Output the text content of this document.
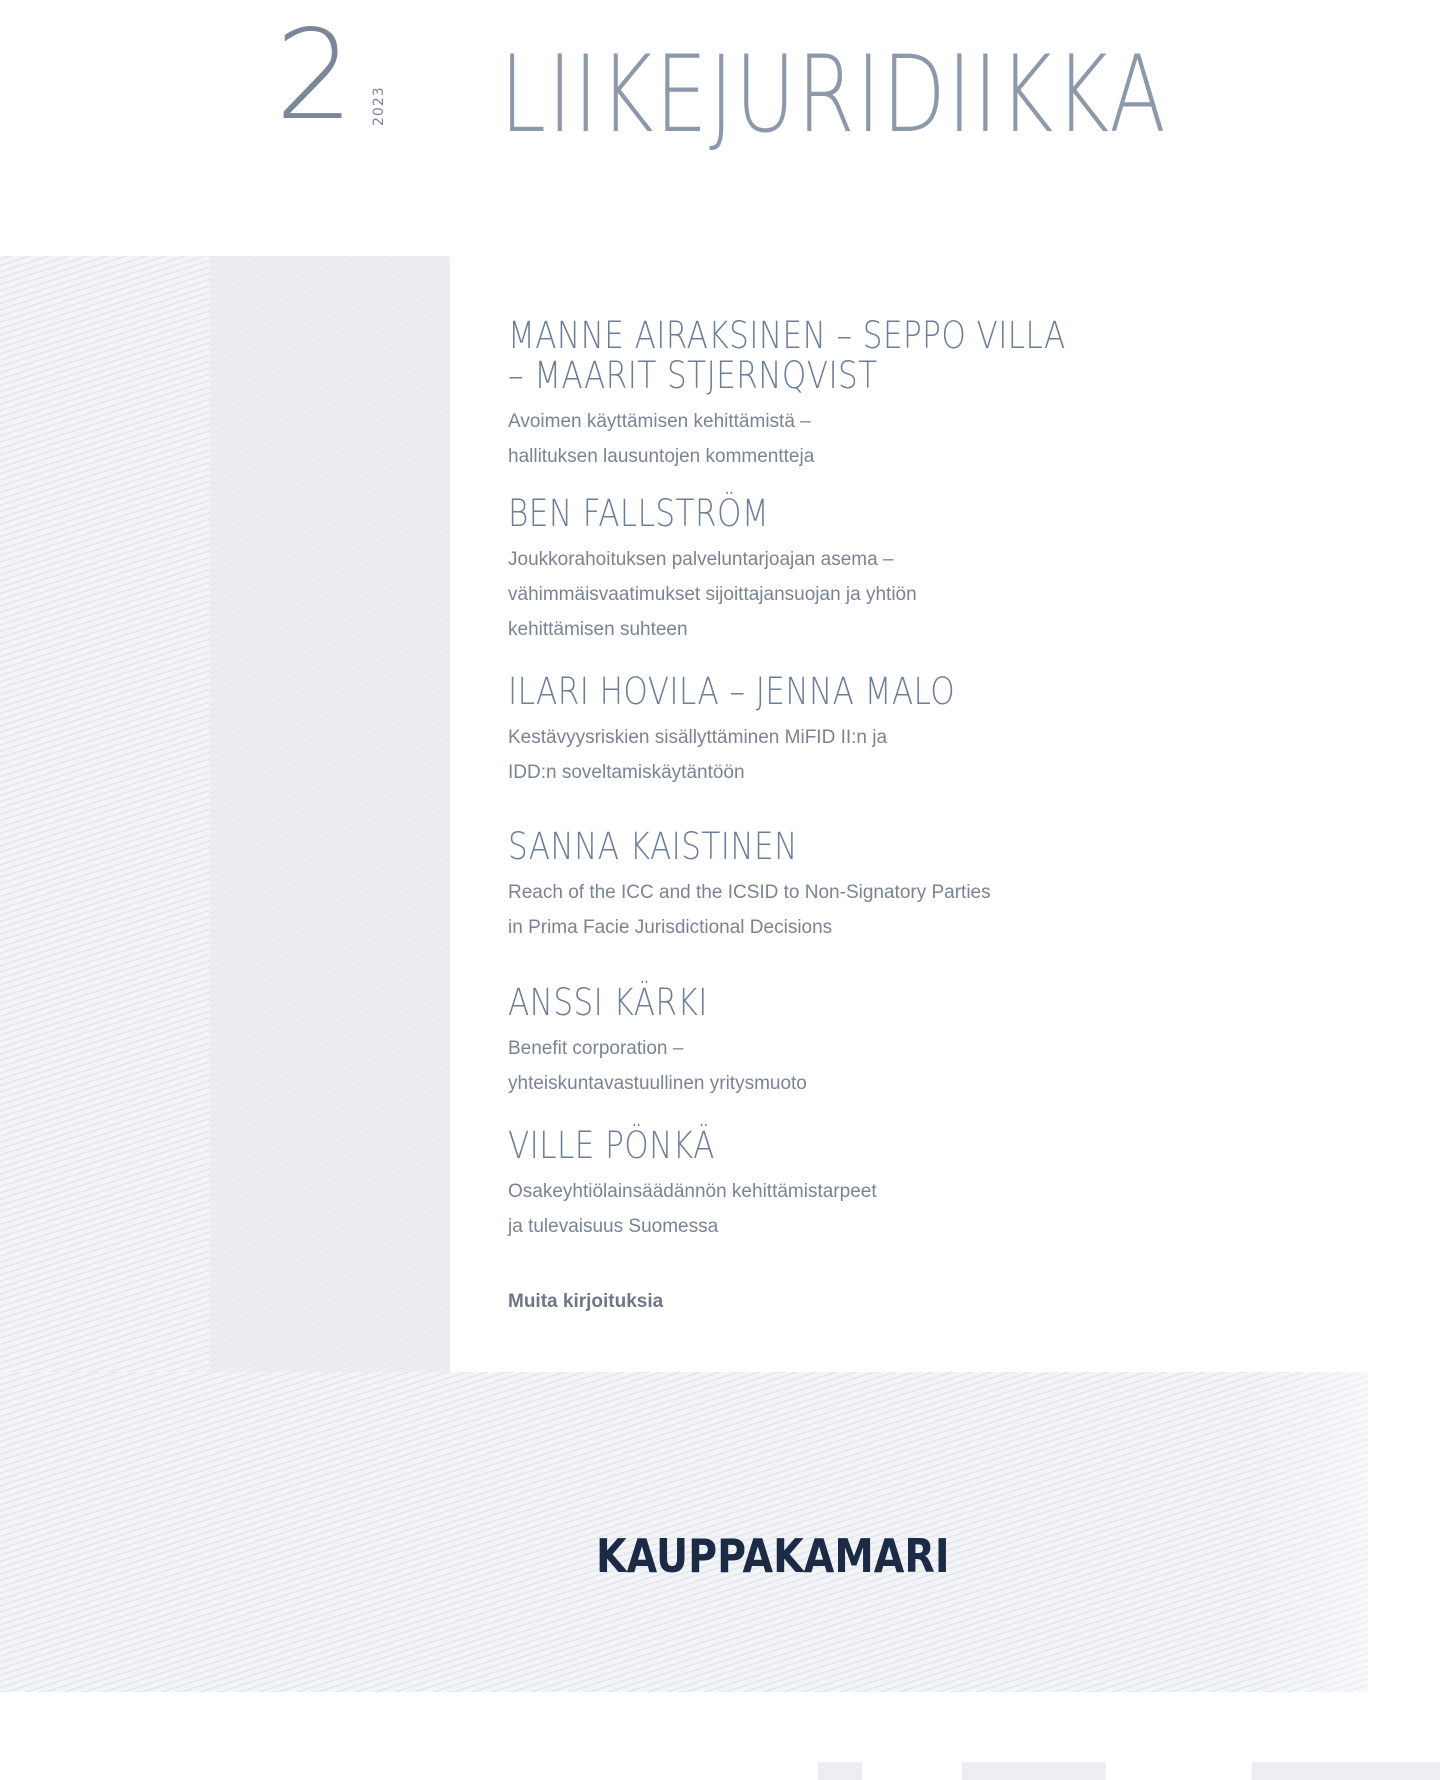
2 2023 LIIKEJURIDIIKKA
MANNE AIRAKSINEN – SEPPO VILLA – MAARIT STJERNQVIST
Avoimen käyttämisen kehittämistä –
hallituksen lausuntojen kommentteja
BEN FALLSTRÖM
Joukkorahoituksen palveluntarjoajan asema –
vähimmäisvaatimukset sijoittajansuojan ja yhtiön
kehittämisen suhteen
ILARI HOVILA – JENNA MALO
Kestävyysriskien sisällyttäminen MiFID II:n ja
IDD:n soveltamiskäytäntöön
SANNA KAISTINEN
Reach of the ICC and the ICSID to Non-Signatory Parties
in Prima Facie Jurisdictional Decisions
ANSSI KÄRKI
Benefit corporation –
yhteiskuntavastuullinen yritysmuoto
VILLE PÖNKÄ
Osakeyhtiölainsäädännön kehittämistarpeet
ja tulevaisuus Suomessa
Muita kirjoituksia
KAUPPAKAMARI
